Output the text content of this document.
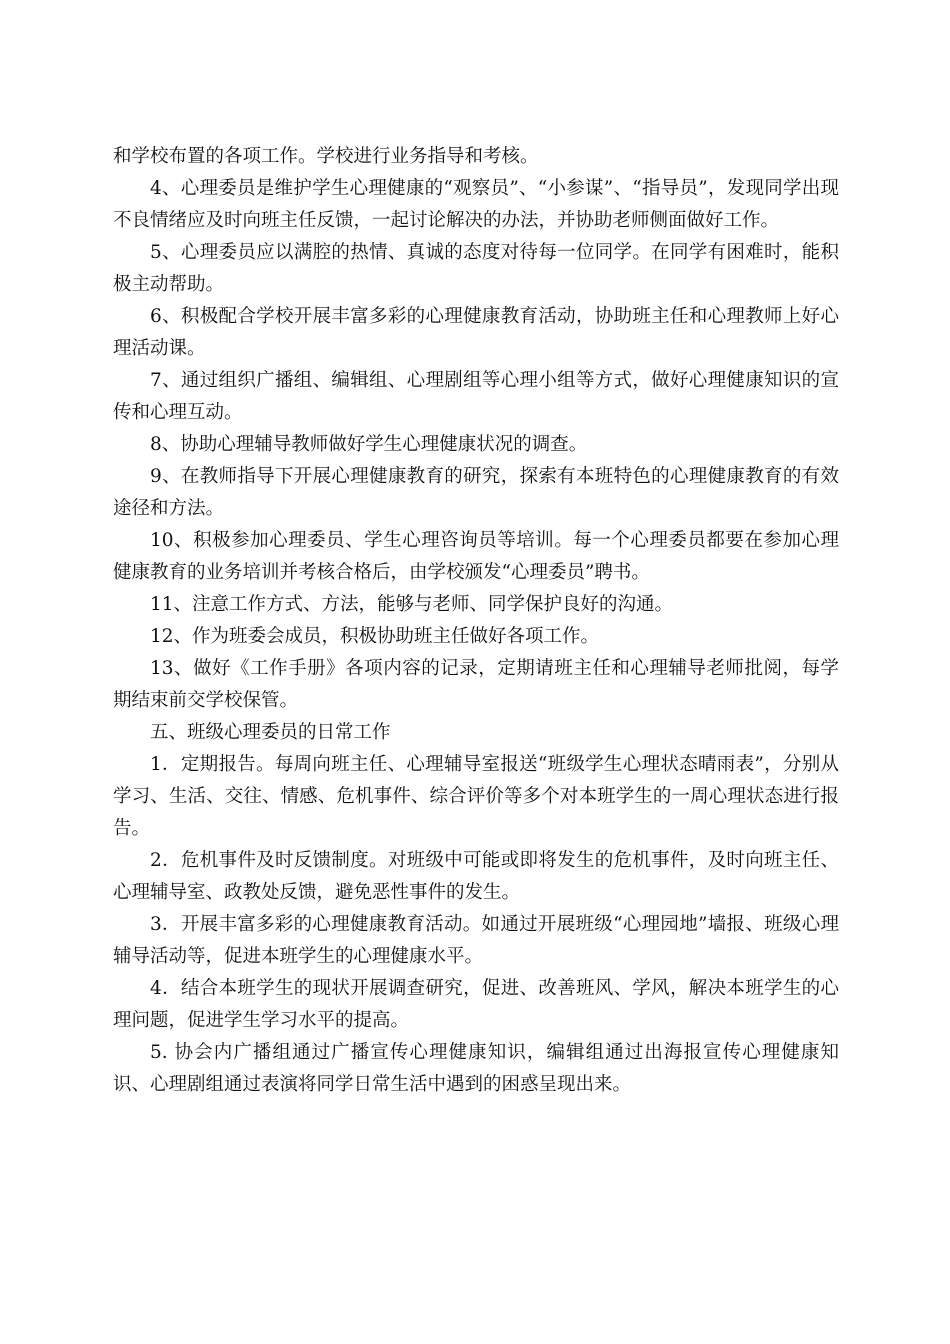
和学校布置的各项工作。学校进行业务指导和考核。

4、心理委员是维护学生心理健康的“观察员”、“小参谋”、“指导员”，发现同学出现不良情绪应及时向班主任反馈，一起讨论解决的办法，并协助老师侧面做好工作。

5、心理委员应以满腔的热情、真诚的态度对待每一位同学。在同学有困难时，能积极主动帮助。

6、积极配合学校开展丰富多彩的心理健康教育活动，协助班主任和心理教师上好心理活动课。

7、通过组织广播组、编辑组、心理剧组等心理小组等方式，做好心理健康知识的宣传和心理互动。

8、协助心理辅导教师做好学生心理健康状况的调查。

9、在教师指导下开展心理健康教育的研究，探索有本班特色的心理健康教育的有效途径和方法。

10、积极参加心理委员、学生心理咨询员等培训。每一个心理委员都要在参加心理健康教育的业务培训并考核合格后，由学校颁发“心理委员”聘书。

11、注意工作方式、方法，能够与老师、同学保护良好的沟通。

12、作为班委会成员，积极协助班主任做好各项工作。

13、做好《工作手册》各项内容的记录，定期请班主任和心理辅导老师批阅，每学期结束前交学校保管。

五、班级心理委员的日常工作

1．定期报告。每周向班主任、心理辅导室报送“班级学生心理状态晴雨表”，分别从学习、生活、交往、情感、危机事件、综合评价等多个对本班学生的一周心理状态进行报告。

2．危机事件及时反馈制度。对班级中可能或即将发生的危机事件，及时向班主任、心理辅导室、政教处反馈，避免恶性事件的发生。

3．开展丰富多彩的心理健康教育活动。如通过开展班级“心理园地”墙报、班级心理辅导活动等，促进本班学生的心理健康水平。

4．结合本班学生的现状开展调查研究，促进、改善班风、学风，解决本班学生的心理问题，促进学生学习水平的提高。

5. 协会内广播组通过广播宣传心理健康知识，编辑组通过出海报宣传心理健康知识、心理剧组通过表演将同学日常生活中遇到的困惑呈现出来。
